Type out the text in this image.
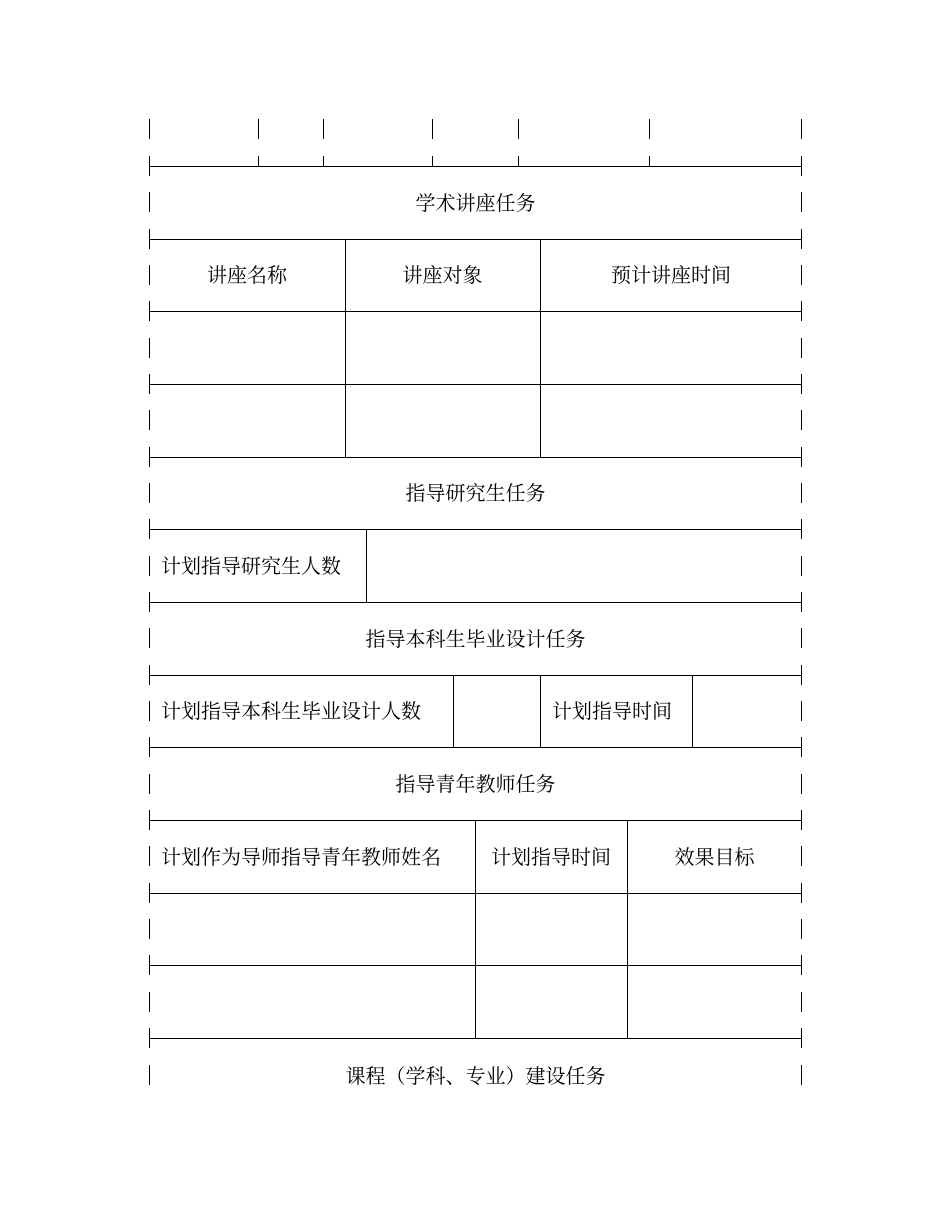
学术讲座任务
讲座名称	讲座对象	预计讲座时间
指导研究生任务
计划指导研究生人数
指导本科生毕业设计任务
计划指导本科生毕业设计人数	计划指导时间
指导青年教师任务
计划作为导师指导青年教师姓名	计划指导时间	效果目标
课程（学科、专业）建设任务
